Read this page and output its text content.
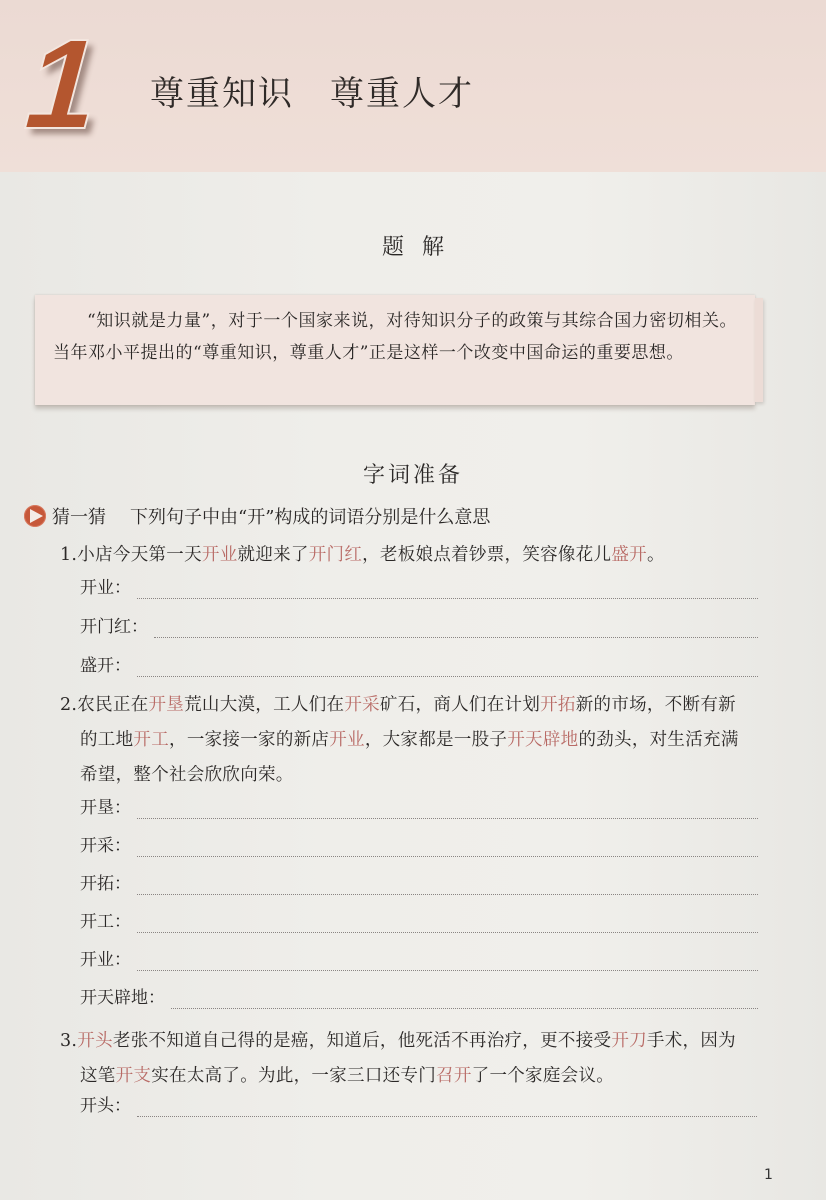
1 尊重知识　尊重人才
题解
“知识就是力量”，对于一个国家来说，对待知识分子的政策与其综合国力密切相关。当年邓小平提出的“尊重知识，尊重人才”正是这样一个改变中国命运的重要思想。
字词准备
猜一猜 下列句子中由“开”构成的词语分别是什么意思
1.小店今天第一天开业就迎来了开门红，老板娘点着钞票，笑容像花儿盛开。
开业：
开门红：
盛开：
2.农民正在开垦荒山大漠，工人们在开采矿石，商人们在计划开拓新的市场，不断有新
的工地开工，一家接一家的新店开业，大家都是一股子开天辟地的劲头，对生活充满
希望，整个社会欣欣向荣。
开垦：
开采：
开拓：
开工：
开业：
开天辟地：
3.开头老张不知道自己得的是癌，知道后，他死活不再治疗，更不接受开刀手术，因为
这笔开支实在太高了。为此，一家三口还专门召开了一个家庭会议。
开头：
1
